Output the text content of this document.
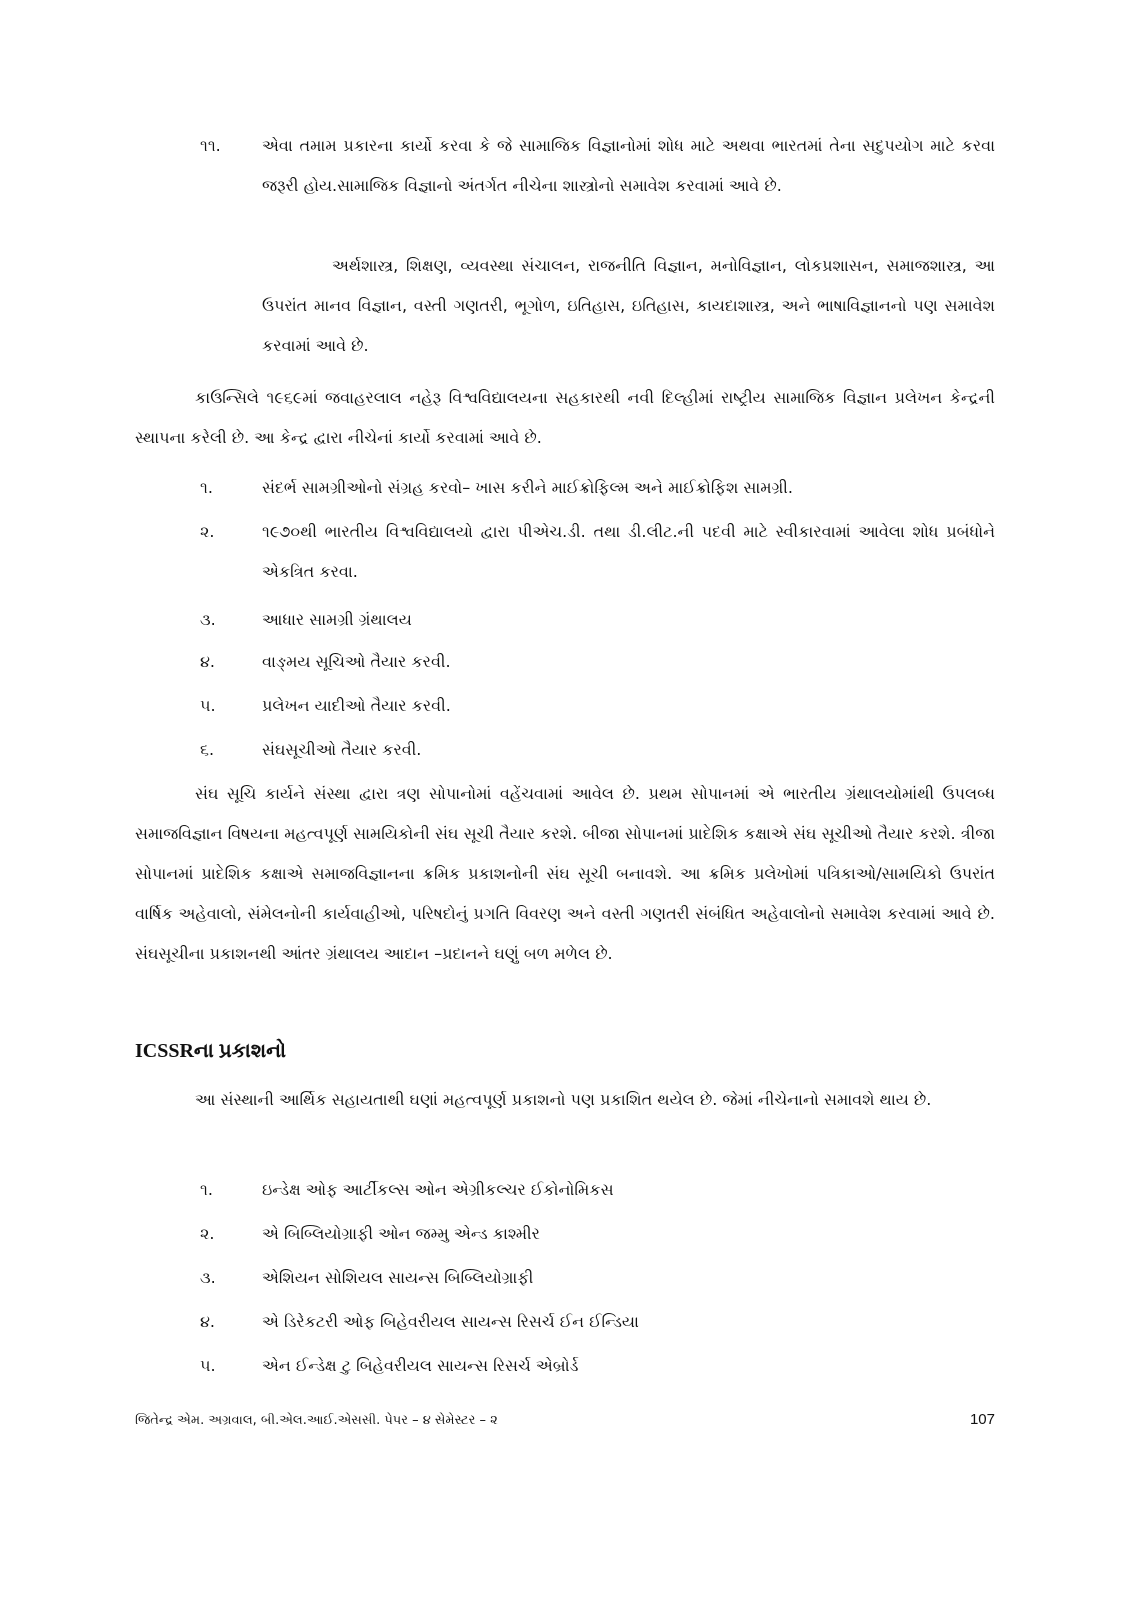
૧૧.	એવા તમામ પ્રકારના કાર્યો કરવા કે જે સામાજિક વિજ્ઞાનોમાં શોધ માટે અથવા ભારતમાં તેના સદુપયોગ માટે કરવા જરૂરી હોય.સામાજિક વિજ્ઞાનો અંતર્ગત નીચેના શાસ્ત્રોનો સમાવેશ કરવામાં આવે છે.
અર્થશાસ્ત્ર, શિક્ષણ, વ્યવસ્થા સંચાલન, રાજનીતિ વિજ્ઞાન, મનોવિજ્ઞાન, લોકપ્રશાસન, સમાજશાસ્ત્ર, આ ઉપરાંત માનવ વિજ્ઞાન, વસ્તી ગણતરી, ભૂગોળ, ઇતિહાસ, ઇતિહાસ, કાયદાશાસ્ત્ર, અને ભાષાવિજ્ઞાનનો પણ સમાવેશ કરવામાં આવે છે.
કાઉન્સિલે ૧૯૬૯માં જવાહરલાલ નહેરૂ વિશ્વવિદ્યાલયના સહકારથી નવી દિલ્હીમાં રાષ્ટ્રીય સામાજિક વિજ્ઞાન પ્રલેખન કેન્દ્રની સ્થાપના કરેલી છે. આ કેન્દ્ર દ્વારા નીચેનાં કાર્યો કરવામાં આવે છે.
૧.	સંદર્ભ સામગ્રીઓનો સંગ્રહ કરવો– ખાસ કરીને માઈક્રોફિલ્મ અને માઈક્રોફિશ સામગ્રી.
૨.	૧૯૭૦થી ભારતીય વિશ્વવિદ્યાલયો દ્વારા પીએચ.ડી. તથા ડી.લીટ.ની પદવી માટે સ્વીકારવામાં આવેલા શોધ પ્રબંધોને એકત્રિત કરવા.
૩.	આધાર સામગ્રી ગ્રંથાલય
૪.	વાઙ્મય સૂચિઓ તૈયાર કરવી.
૫.	પ્રલેખન યાદીઓ તૈયાર કરવી.
૬.	સંઘસૂચીઓ તૈયાર કરવી.
સંઘ સૂચિ કાર્યને સંસ્થા દ્વારા ત્રણ સોપાનોમાં વહેંચવામાં આવેલ છે. પ્રથમ સોપાનમાં એ ભારતીય ગ્રંથાલયોમાંથી ઉપલબ્ધ સમાજવિજ્ઞાન વિષયના મહત્વપૂર્ણ સામયિકોની સંઘ સૂચી તૈયાર કરશે. બીજા સોપાનમાં પ્રાદેશિક કક્ષાએ સંઘ સૂચીઓ તૈયાર કરશે. ત્રીજા સોપાનમાં પ્રાદેશિક કક્ષાએ સમાજવિજ્ઞાનના ક્રમિક પ્રકાશનોની સંઘ સૂચી બનાવશે. આ ક્રમિક પ્રલેખોમાં પત્રિકાઓ/સામયિકો ઉપરાંત વાર્ષિક અહેવાલો, સંમેલનોની કાર્યવાહીઓ, પરિષદોનું પ્રગતિ વિવરણ અને વસ્તી ગણતરી સંબંધિત અહેવાલોનો સમાવેશ કરવામાં આવે છે. સંઘસૂચીના પ્રકાશનથી આંતર ગ્રંથાલય આદાન –પ્રદાનને ઘણું બળ મળેલ છે.
ICSSRના પ્રકાશનો
આ સંસ્થાની આર્થિક સહાયતાથી ઘણાં મહત્વપૂર્ણ પ્રકાશનો પણ પ્રકાશિત થયેલ છે. જેમાં નીચેનાનો સમાવશે થાય છે.
૧.	ઇન્ડેક્ષ ઓફ આર્ટીકલ્સ ઓન એગ્રીકલ્ચર ઈકોનોમિકસ
૨.	એ બિબ્લિયોગ્રાફી ઓન જમ્મુ એન્ડ કાશ્મીર
૩.	એશિયન સોશિયલ સાયન્સ બિબ્લિયોગ્રાફી
૪.	એ ડિરેકટરી ઓફ બિહેવરીયલ સાયન્સ રિસર્ચ ઈન ઈન્ડિયા
૫.	એન ઈન્ડેક્ષ ટુ બિહેવરીયલ સાયન્સ રિસર્ચ એબ્રોર્ડ
જિતેન્દ્ર એમ. અગ્રવાલ, બી.એલ.આઈ.એસસી. પેપર – ૪ સેમેસ્ટર – ૨	107
